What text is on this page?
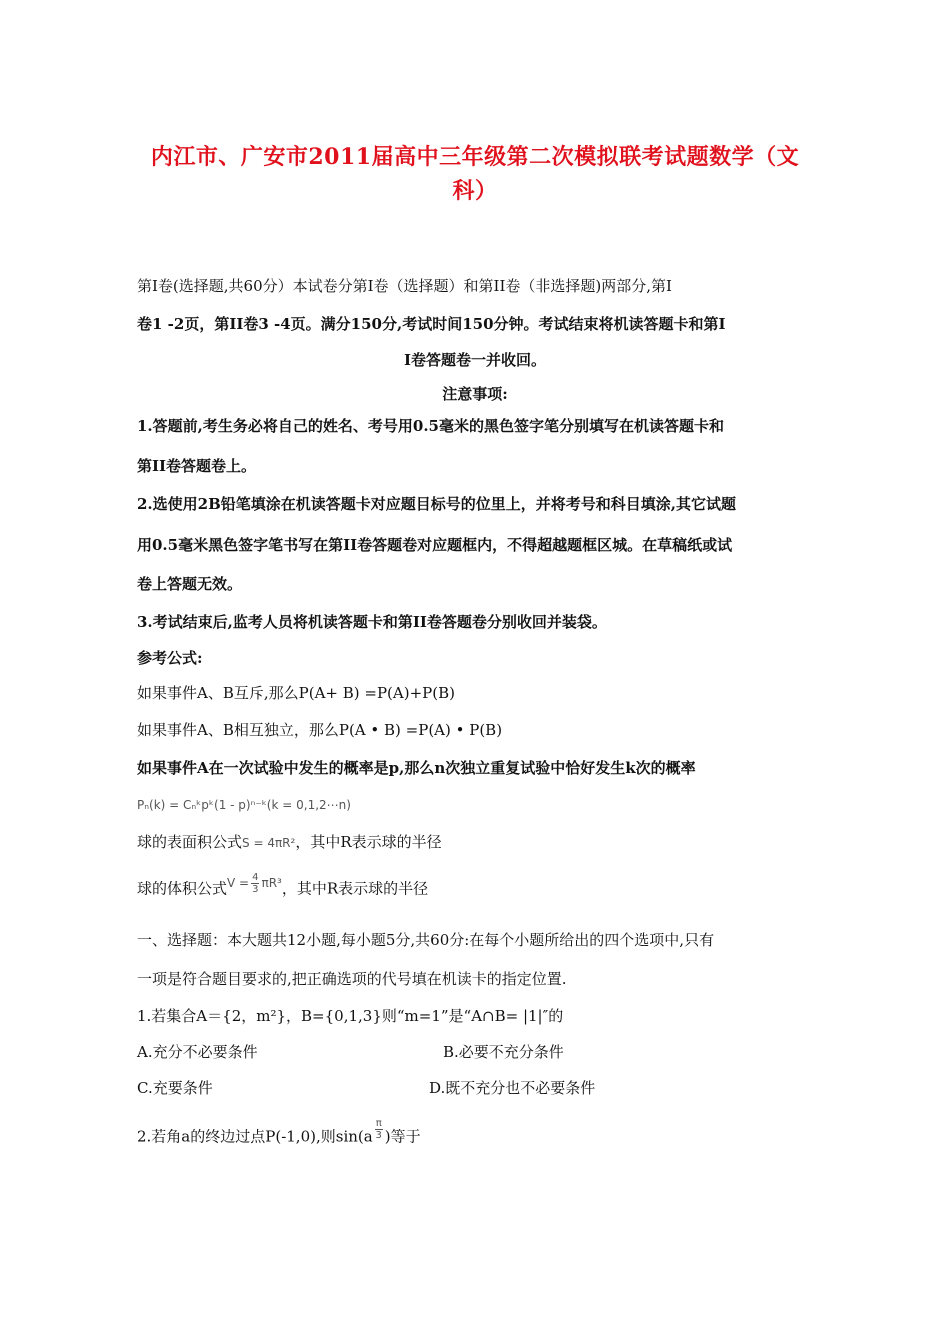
内江市、广安市2011届高中三年级第二次模拟联考试题数学（文
科）
第Ⅰ卷(选择题,共60分）本试卷分第Ⅰ卷（选择题）和第II卷（非选择题)两部分,第Ⅰ
卷1 -2页，第II卷3 -4页。满分150分,考试时间150分钟。考试结束将机读答题卡和第Ⅰ
Ⅰ卷答题卷一并收回。
注意事项:
1.答题前,考生务必将自己的姓名、考号用0.5毫米的黑色签字笔分别填写在机读答题卡和
第II卷答题卷上。
2.选使用2B铅笔填涂在机读答题卡对应题目标号的位里上，并将考号和科目填涂,其它试题
用0.5毫米黑色签字笔书写在第II卷答题卷对应题框内，不得超越题框区城。在草稿纸或试
卷上答题无效。
3.考试结束后,监考人员将机读答题卡和第II卷答题卷分别收回并装袋。
参考公式:
如果事件A、B互斥,那么P(A+ B) =P(A)+P(B)
如果事件A、B相互独立，那么P(A • B) =P(A) • P(B)
如果事件A在一次试验中发生的概率是p,那么n次独立重复试验中恰好发生k次的概率
Pₙ(k) = Cₙᵏpᵏ(1 - p)ⁿ⁻ᵏ(k = 0,1,2⋯n)
球的表面积公式S = 4πR²，其中R表示球的半径
球的体积公式$V = \frac{4}{3} \pi R^3$，其中R表示球的半径
一、选择题：本大题共12小题,每小题5分,共60分:在每个小题所给出的四个选项中,只有
一项是符合题目要求的,把正确选项的代号填在机读卡的指定位置.
1.若集合A＝{2，m²}，B={0,1,3}则“m=1”是“A∩B= |1|″的
A.充分不必要条件	B.必要不充分条件
C.充要条件	D.既不充分也不必要条件
2.若角a的终边过点P(-1,0),则$\sin(a \frac{\pi}{3}$ )等于
